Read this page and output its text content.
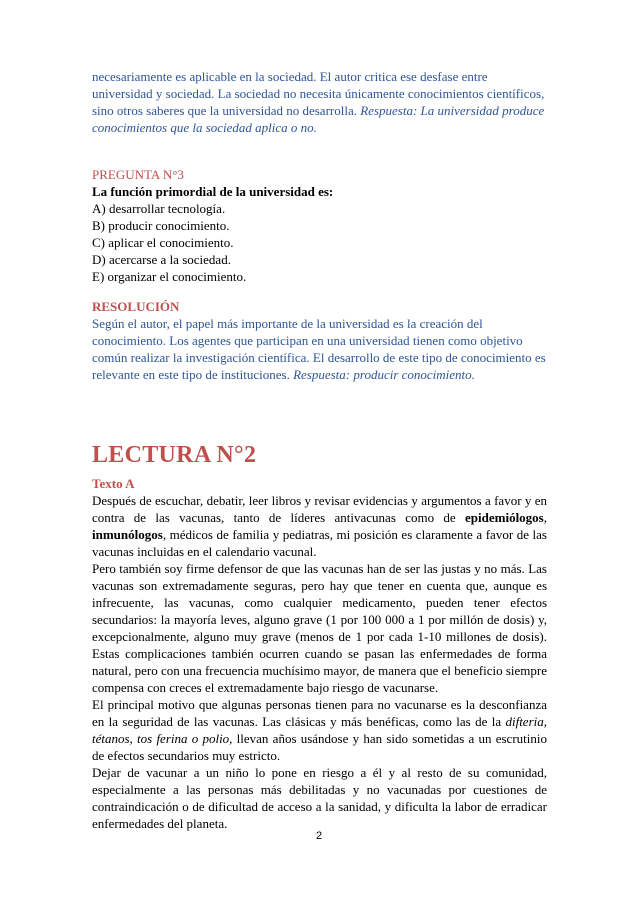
necesariamente es aplicable en la sociedad. El autor critica ese desfase entre universidad y sociedad. La sociedad no necesita únicamente conocimientos científicos, sino otros saberes que la universidad no desarrolla. Respuesta: La universidad produce conocimientos que la sociedad aplica o no.

PREGUNTA N°3

La función primordial de la universidad es:

A) desarrollar tecnología.

B) producir conocimiento.

C) aplicar el conocimiento.

D) acercarse a la sociedad.

E) organizar el conocimiento.

RESOLUCIÓN

Según el autor, el papel más importante de la universidad es la creación del conocimiento. Los agentes que participan en una universidad tienen como objetivo común realizar la investigación científica. El desarrollo de este tipo de conocimiento es relevante en este tipo de instituciones. Respuesta: producir conocimiento.

LECTURA N°2

Texto A

Después de escuchar, debatir, leer libros y revisar evidencias y argumentos a favor y en contra de las vacunas, tanto de líderes antivacunas como de epidemiólogos, inmunólogos, médicos de familia y pediatras, mi posición es claramente a favor de las vacunas incluidas en el calendario vacunal.

Pero también soy firme defensor de que las vacunas han de ser las justas y no más. Las vacunas son extremadamente seguras, pero hay que tener en cuenta que, aunque es infrecuente, las vacunas, como cualquier medicamento, pueden tener efectos secundarios: la mayoría leves, alguno grave (1 por 100 000 a 1 por millón de dosis) y, excepcionalmente, alguno muy grave (menos de 1 por cada 1-10 millones de dosis). Estas complicaciones también ocurren cuando se pasan las enfermedades de forma natural, pero con una frecuencia muchísimo mayor, de manera que el beneficio siempre compensa con creces el extremadamente bajo riesgo de vacunarse.

El principal motivo que algunas personas tienen para no vacunarse es la desconfianza en la seguridad de las vacunas. Las clásicas y más benéficas, como las de la difteria, tétanos, tos ferina o polio, llevan años usándose y han sido sometidas a un escrutinio de efectos secundarios muy estricto.

Dejar de vacunar a un niño lo pone en riesgo a él y al resto de su comunidad, especialmente a las personas más debilitadas y no vacunadas por cuestiones de contraindicación o de dificultad de acceso a la sanidad, y dificulta la labor de erradicar enfermedades del planeta.

2
